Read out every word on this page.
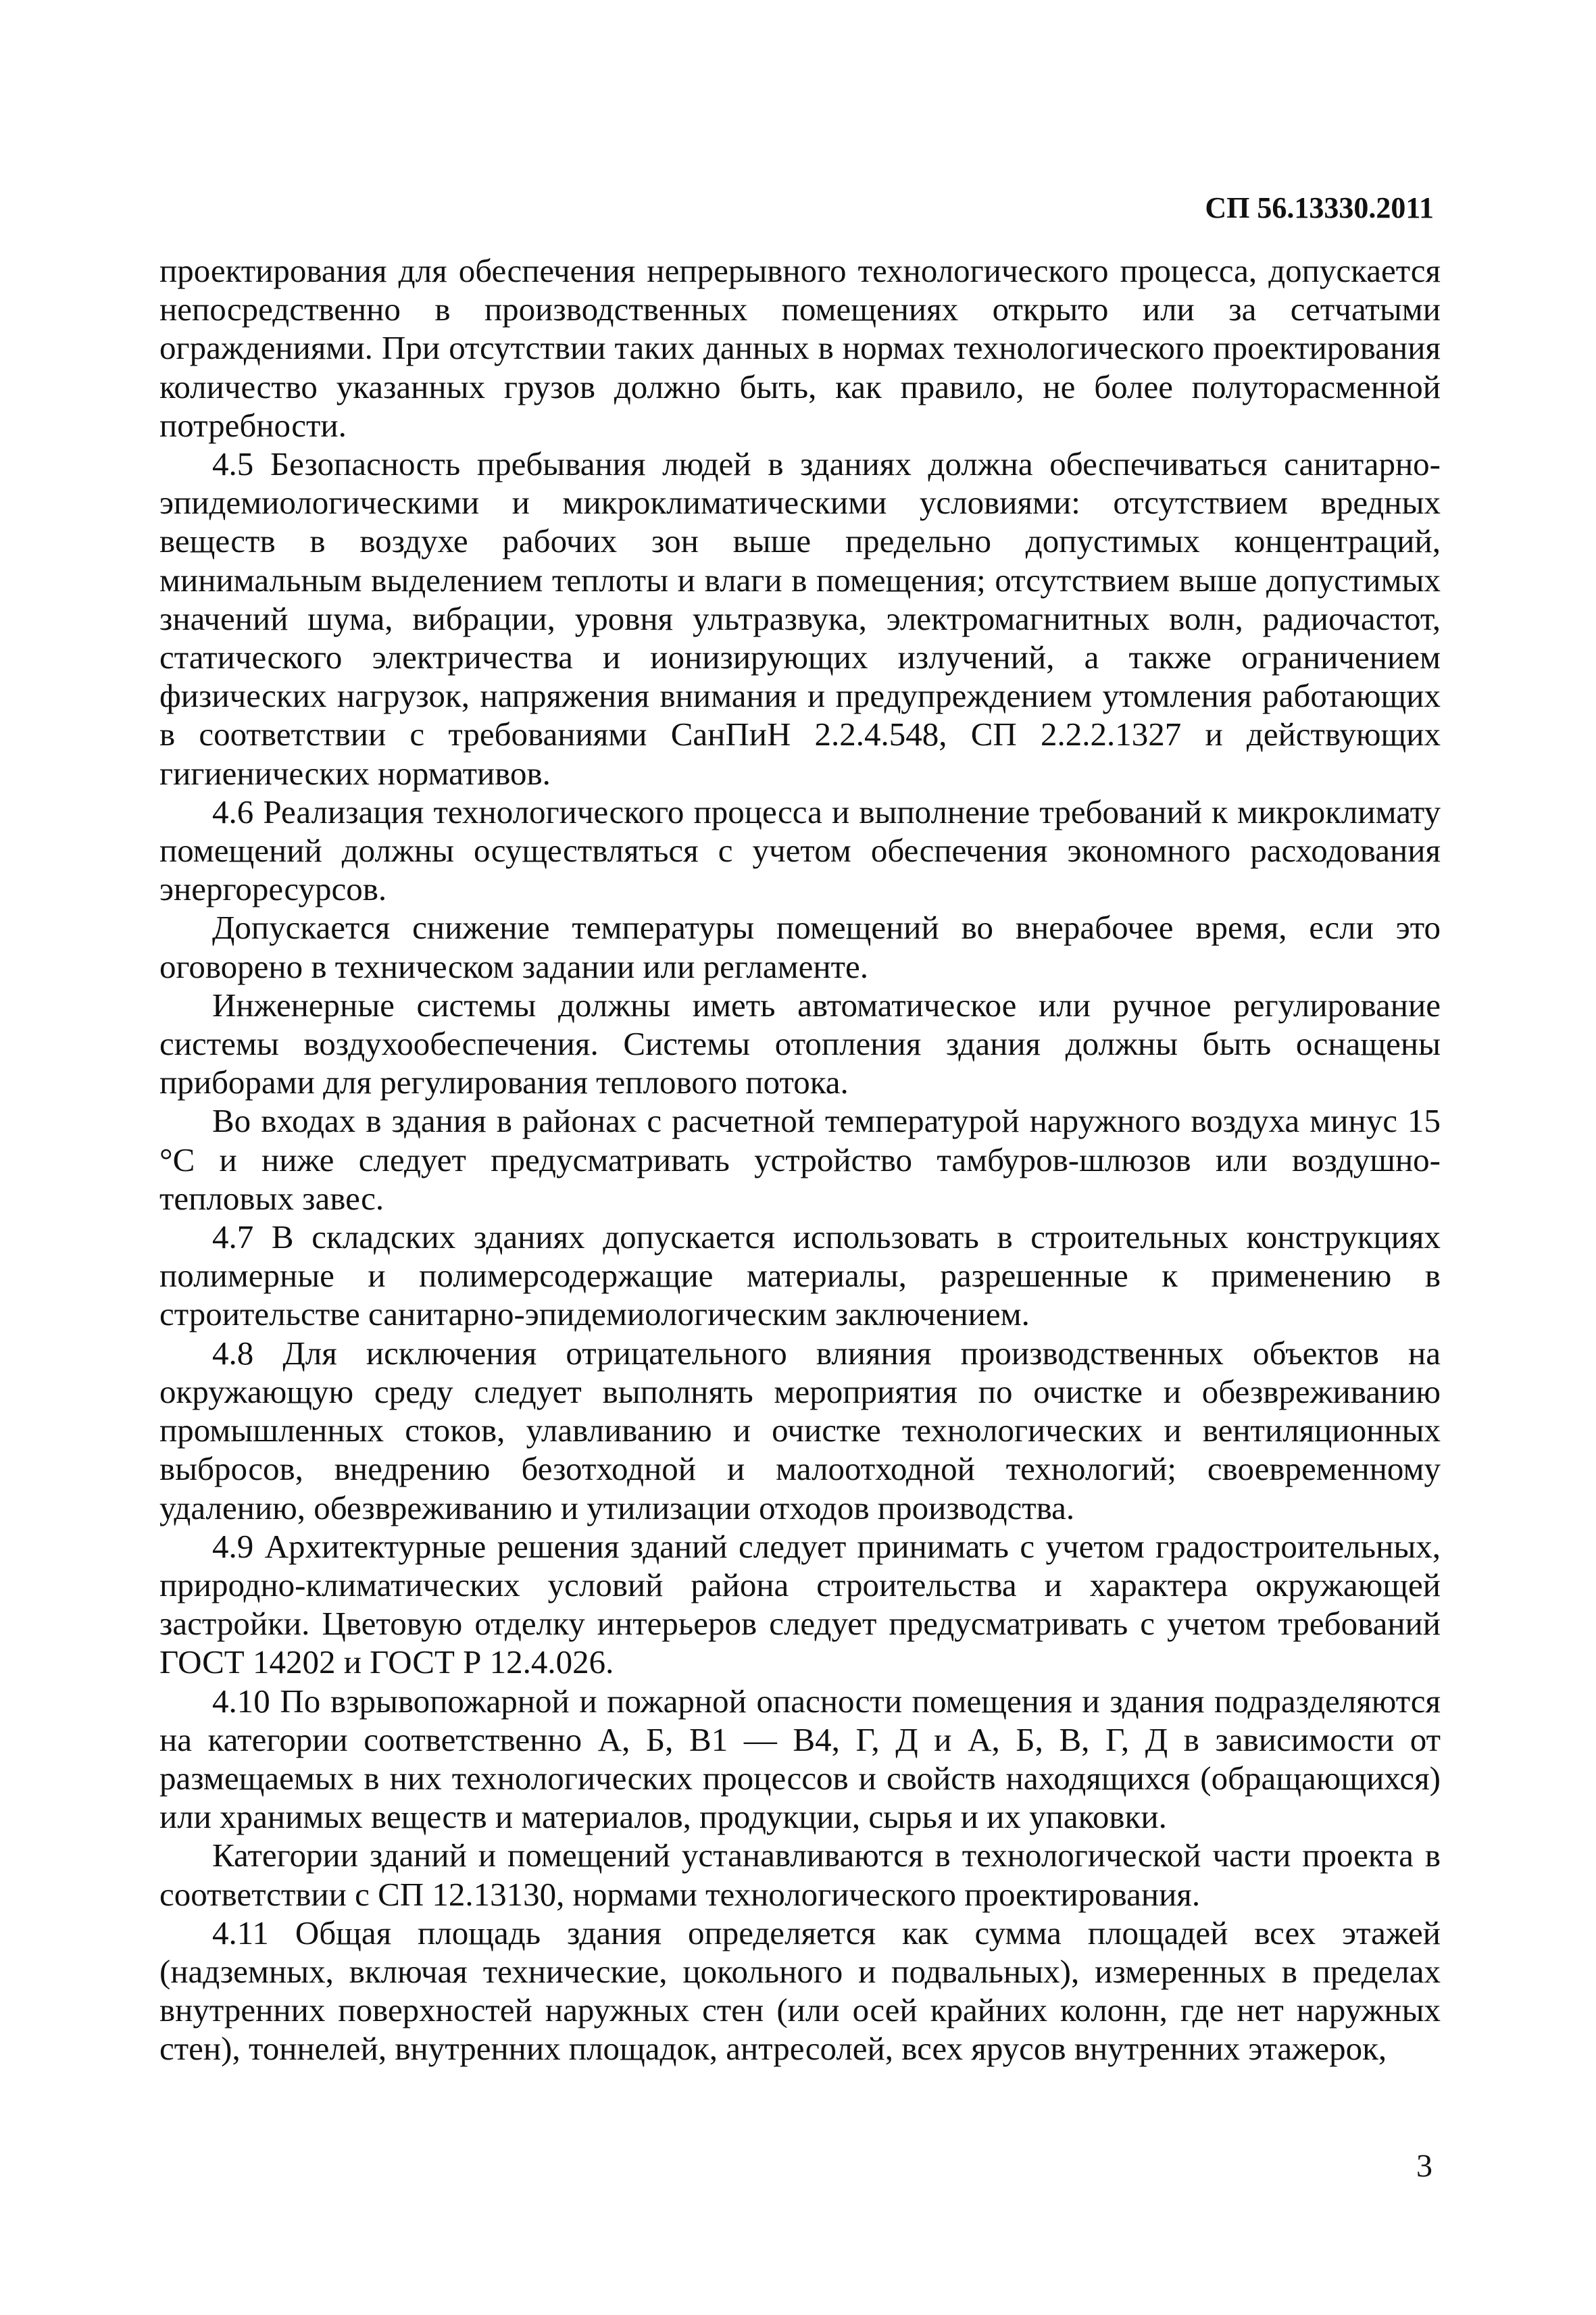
СП 56.13330.2011

проектирования для обеспечения непрерывного технологического процесса, допускается непосредственно в производственных помещениях открыто или за сетчатыми ограждениями. При отсутствии таких данных в нормах технологического проектирования количество указанных грузов должно быть, как правило, не более полуторасменной потребности.

4.5 Безопасность пребывания людей в зданиях должна обеспечиваться санитарно-эпидемиологическими и микроклиматическими условиями: отсутствием вредных веществ в воздухе рабочих зон выше предельно допустимых концентраций, минимальным выделением теплоты и влаги в помещения; отсутствием выше допустимых значений шума, вибрации, уровня ультразвука, электромагнитных волн, радиочастот, статического электричества и ионизирующих излучений, а также ограничением физических нагрузок, напряжения внимания и предупреждением утомления работающих в соответствии с требованиями СанПиН 2.2.4.548, СП 2.2.2.1327 и действующих гигиенических нормативов.

4.6 Реализация технологического процесса и выполнение требований к микроклимату помещений должны осуществляться с учетом обеспечения экономного расходования энергоресурсов.

Допускается снижение температуры помещений во внерабочее время, если это оговорено в техническом задании или регламенте.

Инженерные системы должны иметь автоматическое или ручное регулирование системы воздухообеспечения. Системы отопления здания должны быть оснащены приборами для регулирования теплового потока.

Во входах в здания в районах с расчетной температурой наружного воздуха минус 15 °С и ниже следует предусматривать устройство тамбуров-шлюзов или воздушно-тепловых завес.

4.7 В складских зданиях допускается использовать в строительных конструкциях полимерные и полимерсодержащие материалы, разрешенные к применению в строительстве санитарно-эпидемиологическим заключением.

4.8 Для исключения отрицательного влияния производственных объектов на окружающую среду следует выполнять мероприятия по очистке и обезвреживанию промышленных стоков, улавливанию и очистке технологических и вентиляционных выбросов, внедрению безотходной и малоотходной технологий; своевременному удалению, обезвреживанию и утилизации отходов производства.

4.9 Архитектурные решения зданий следует принимать с учетом градостроительных, природно-климатических условий района строительства и характера окружающей застройки. Цветовую отделку интерьеров следует предусматривать с учетом требований ГОСТ 14202 и ГОСТ Р 12.4.026.

4.10 По взрывопожарной и пожарной опасности помещения и здания подразделяются на категории соответственно А, Б, В1 — В4, Г, Д и А, Б, В, Г, Д в зависимости от размещаемых в них технологических процессов и свойств находящихся (обращающихся) или хранимых веществ и материалов, продукции, сырья и их упаковки.

Категории зданий и помещений устанавливаются в технологической части проекта в соответствии с СП 12.13130, нормами технологического проектирования.

4.11 Общая площадь здания определяется как сумма площадей всех этажей (надземных, включая технические, цокольного и подвальных), измеренных в пределах внутренних поверхностей наружных стен (или осей крайних колонн, где нет наружных стен), тоннелей, внутренних площадок, антресолей, всех ярусов внутренних этажерок,

3
